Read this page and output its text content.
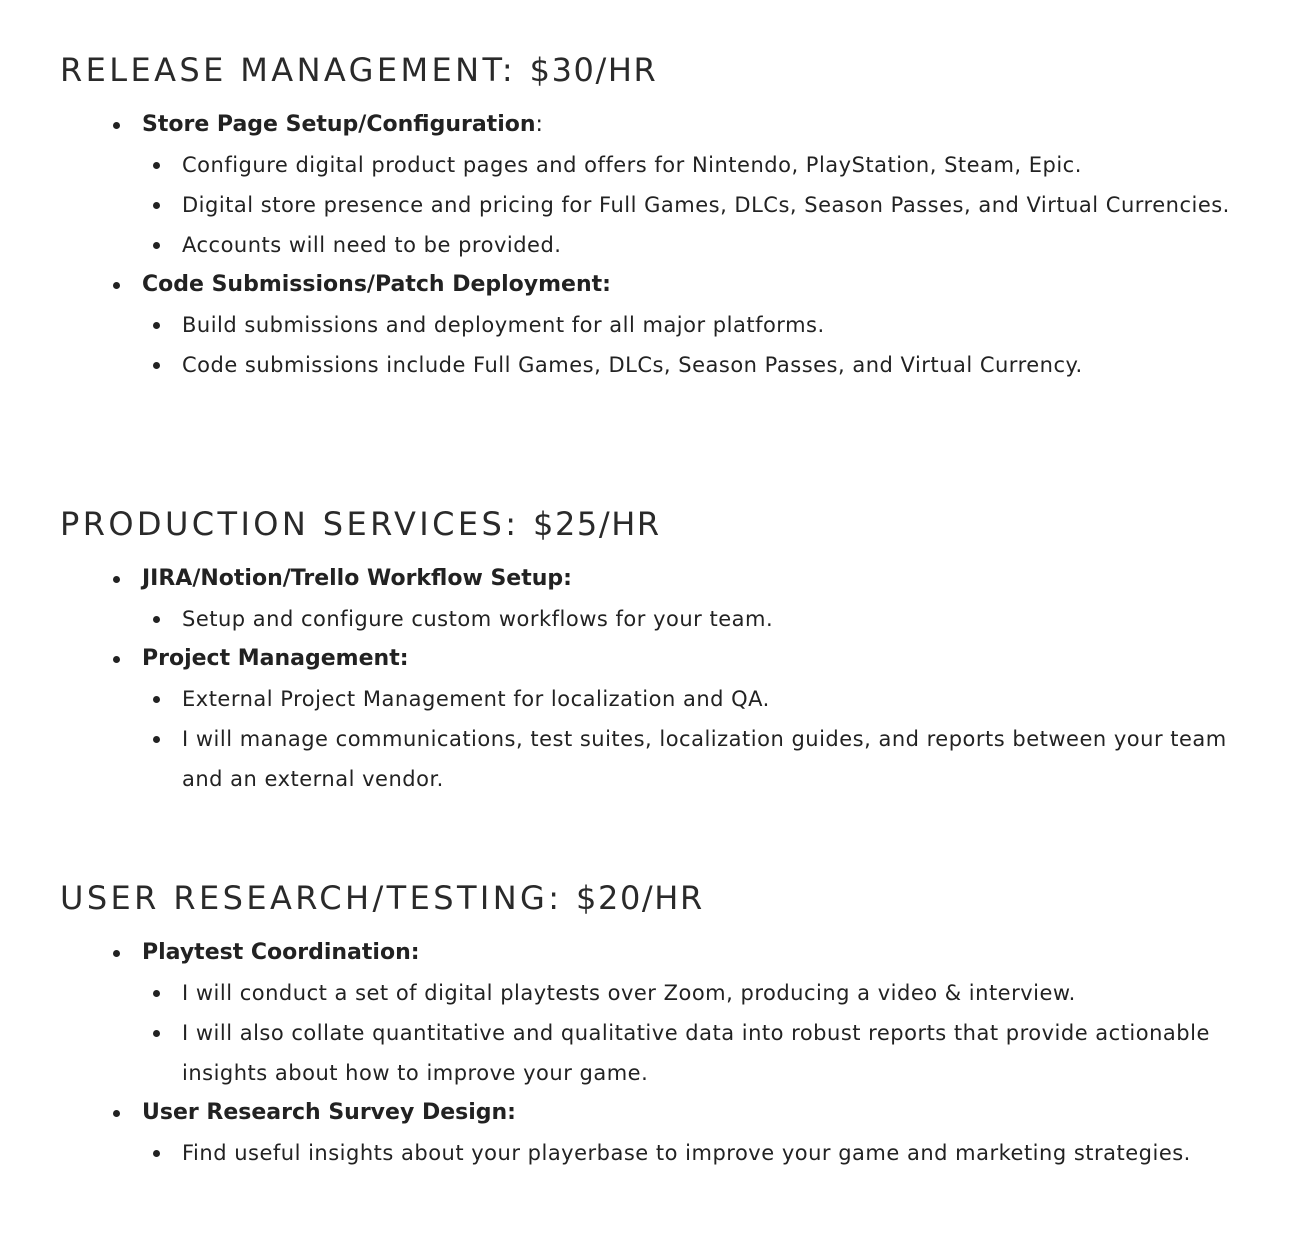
RELEASE MANAGEMENT: $30/HR
Store Page Setup/Configuration:
Configure digital product pages and offers for Nintendo, PlayStation, Steam, Epic.
Digital store presence and pricing for Full Games, DLCs, Season Passes, and Virtual Currencies.
Accounts will need to be provided.
Code Submissions/Patch Deployment:
Build submissions and deployment for all major platforms.
Code submissions include Full Games, DLCs, Season Passes, and Virtual Currency.
PRODUCTION SERVICES: $25/HR
JIRA/Notion/Trello Workflow Setup:
Setup and configure custom workflows for your team.
Project Management:
External Project Management for localization and QA.
I will manage communications, test suites, localization guides, and reports between your team and an external vendor.
USER RESEARCH/TESTING: $20/HR
Playtest Coordination:
I will conduct a set of digital playtests over Zoom, producing a video & interview.
I will also collate quantitative and qualitative data into robust reports that provide actionable insights about how to improve your game.
User Research Survey Design:
Find useful insights about your playerbase to improve your game and marketing strategies.
